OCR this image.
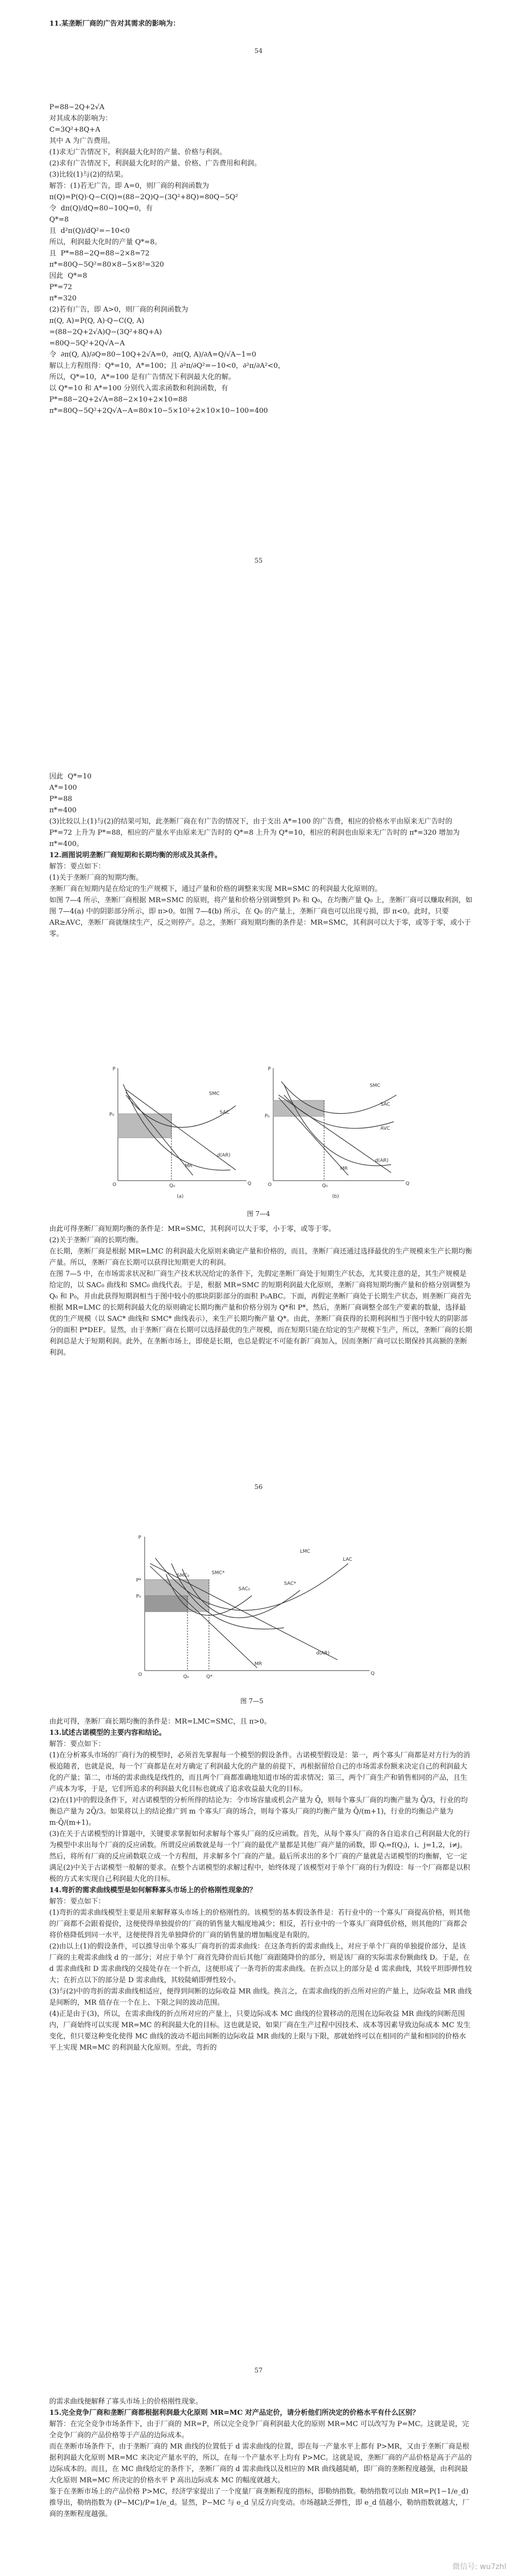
54

11.某垄断厂商的广告对其需求的影响为：

P=88−2Q+2√A

对其成本的影响为：

C=3Q²+8Q+A

其中 A 为广告费用。

(1)求无广告情况下，利润最大化时的产量、价格与利润。

(2)求有广告情况下，利润最大化时的产量、价格、广告费用和利润。

(3)比较(1)与(2)的结果。

解答：(1)若无广告，即 A=0，则厂商的利润函数为

π(Q)=P(Q)·Q−C(Q)=(88−2Q)Q−(3Q²+8Q)=80Q−5Q²

令  dπ(Q)/dQ=80−10Q=0，有

Q*=8

且  d²π(Q)/dQ²=−10<0

所以，利润最大化时的产量 Q*=8。

且  P*=88−2Q=88−2×8=72

π*=80Q−5Q²=80×8−5×8²=320

因此  Q*=8

P*=72

π*=320

(2)若有广告，即 A>0，则厂商的利润函数为

π(Q, A)=P(Q, A)·Q−C(Q, A)

=(88−2Q+2√A)Q−(3Q²+8Q+A)

=80Q−5Q²+2Q√A−A

令  ∂π(Q, A)/∂Q=80−10Q+2√A=0，∂π(Q, A)/∂A=Q/√A−1=0

解以上方程组得：Q*=10，A*=100；且 ∂²π/∂Q²=−10<0，∂²π/∂A²<0，

所以，Q*=10，A*=100 是有广告情况下利润最大化的解。

以 Q*=10 和 A*=100 分别代入需求函数和利润函数，有

P*=88−2Q+2√A=88−2×10+2×10=88

π*=80Q−5Q²+2Q√A−A=80×10−5×10²+2×10×10−100=400

55

因此  Q*=10

A*=100

P*=88

π*=400

(3)比较以上(1)与(2)的结果可知，此垄断厂商在有广告的情况下，由于支出 A*=100 的广告费，相应的价格水平由原来无广告时的 P*=72 上升为 P*=88，相应的产量水平由原来无广告时的 Q*=8 上升为 Q*=10，相应的利润也由原来无广告时的 π*=320 增加为 π*=400。

12.画图说明垄断厂商短期和长期均衡的形成及其条件。

解答：要点如下：

(1)关于垄断厂商的短期均衡。

垄断厂商在短期内是在给定的生产规模下，通过产量和价格的调整来实现 MR=SMC 的利润最大化原则的。

如图 7—4 所示，垄断厂商根据 MR=SMC 的原则，将产量和价格分别调整到 P₀ 和 Q₀，在均衡产量 Q₀ 上，垄断厂商可以赚取利润，如图 7—4(a) 中的阴影部分所示，即 π>0。如图 7—4(b) 所示，在 Q₀ 的产量上，垄断厂商也可以出现亏损，即 π<0。此时，只要 AR≥AVC，垄断厂商就继续生产，反之则停产。总之，垄断厂商短期均衡的条件是：MR=SMC，其利润可以大于零，或等于零，或小于零。

P
Q
O
SMC
SAC
d(AR)
MR
P₀
Q₀
(a)
P
Q
O
SMC
SAC
AVC
d(AR)
MR
P₀
Q₀
(b)

图 7—4

由此可得垄断厂商短期均衡的条件是：MR=SMC，其利润可以大于零，小于零，或等于零。

(2)关于垄断厂商的长期均衡。

在长期，垄断厂商是根据 MR=LMC 的利润最大化原则来确定产量和价格的，而且，垄断厂商还通过选择最优的生产规模来生产长期均衡产量。所以，垄断厂商在长期可以获得比短期更大的利润。

在图 7—5 中，在市场需求状况和厂商生产技术状况给定的条件下，先假定垄断厂商处于短期生产状态，尤其要注意的是，其生产规模是给定的，以 SAC₀ 曲线和 SMC₀ 曲线代表。于是，根据 MR=SMC 的短期利润最大化原则，垄断厂商将短期均衡产量和价格分别调整为 Q₀ 和 P₀，并由此获得短期润相当于图中较小的那块阴影部分的面积 P₀ABC。下面，再假定垄断厂商处于长期生产状态，则垄断厂商首先根据 MR=LMC 的长期利润最大化的原则确定长期均衡产量和价格分别为 Q*和 P*，然后，垄断厂商调整全部生产要素的数量，选择最优的生产规模（以 SAC* 曲线和 SMC* 曲线表示），来生产长期均衡产量 Q*。由此，垄断厂商获得的长期利润相当于图中较大的阴影部分的面积 P*DEF。显然，由于垄断厂商在长期可以选择最优的生产规模，而在短期只能在给定的生产规模下生产，所以，垄断厂商的长期利润总是大于短期利润。此外，在垄断市场上，即使是长期，也总是假定不可能有新厂商加入，因而垄断厂商可以长期保持其高额的垄断利润。

56
P
Q
O
LMC
LAC
SMC₀	SMC*
SAC₀
SAC*
d(AR)
MR
P*
P₀
Q₀	Q*

图 7—5

由此可得，垄断厂商长期均衡的条件是：MR=LMC=SMC，且 π>0。

13.试述古诺模型的主要内容和结论。

解答：要点如下：

(1)在分析寡头市场的厂商行为的模型时，必须首先掌握每一个模型的假设条件。古诺模型假设是：第一，两个寡头厂商都是对方行为的消极追随者，也就是说，每一个厂商都是在对方确定了利润最大化的产量的前提下，再根据留给自己的市场需求份额来决定自己的利润最大化的产量；第二，市场的需求曲线是线性的，而且两个厂商都准确地知道市场的需求情况；第三，两个厂商生产和销售相同的产品，且生产成本为零，于是，它们所追求的利润最大化目标也就成了追求收益最大化的目标。

(2)在(1)中的假设条件下，对古诺模型的分析所得的结论为：令市场容量或机会产量为 Q̄，则每个寡头厂商的均衡产量为 Q̄/3，行业的均衡总产量为 2Q̄/3。如果将以上的结论推广到 m 个寡头厂商的场合，则每个寡头厂商的均衡产量为 Q̄/(m+1)，行业的均衡总产量为 m·Q̄/(m+1)。

(3)在关于古诺模型的计算题中，关键要求掌握如何求解每个寡头厂商的反应函数。首先，从每个寡头厂商的各自追求自己利润最大化的行为模型中求出每个厂商的反应函数。所谓反应函数就是每一个厂商的最优产量都是其他厂商产量的函数，即 Qᵢ=f(Qⱼ)，i、j=1,2，i≠j。然后，将所有厂商的反应函数联立成一个方程组，并求解多个厂商的产量。最后所求出的多个厂商的产量就是古诺模型的均衡解，它一定满足(2)中关于古诺模型一般解的要求。在整个古诺模型的求解过程中，始终体现了该模型对于单个厂商的行为假设：每一个厂商都是以积极的方式来实现自己利润最大化的目标。

14.弯折的需求曲线模型是如何解释寡头市场上的价格刚性现象的？

解答：要点如下：

(1)弯折的需求曲线模型主要是用来解释寡头市场上的价格刚性的。该模型的基本假设条件是：若行业中的一个寡头厂商提高价格，则其他的厂商都不会跟着提价，这便使得单独提价的厂商的销售量大幅度地减少；相反，若行业中的一个寡头厂商降低价格，则其他的厂商都会将价格降低到同一水平，这便使得首先单独降价的厂商的销售量的增加幅度是有限的。

(2)由以上(1)的假设条件，可以推导出单个寡头厂商弯折的需求曲线：在这条弯折的需求曲线上，对应于单个厂商的单独提价部分，是该厂商的主观需求曲线 d 的一部分；对应于单个厂商首先降价而后其他厂商跟随降价的部分，则是该厂商的实际需求份额曲线 D。于是，在 d 需求曲线和 D 需求曲线的交接处存在一个折点，这便形成了一条弯折的需求曲线。在折点以上的部分是 d 需求曲线，其较平坦即弹性较大；在折点以下的部分是 D 需求曲线，其较陡峭即弹性较小。

(3)与(2)中的弯折的需求曲线相适应，便得到间断的边际收益 MR 曲线。换言之，在需求曲线的折点所对应的产量上，边际收益 MR 曲线是间断的，MR 值存在一个在上、下限之间的波动范围。

(4)正是由于(3)，所以，在需求曲线的折点所对应的产量上，只要边际成本 MC 曲线的位置移动的范围在边际收益 MR 曲线的间断范围内，厂商始终可以实现 MR=MC 的利润最大化的目标。这也就是说，如果厂商在生产过程中因技术、成本等因素导致边际成本 MC 发生变化，但只要这种变化使得 MC 曲线的波动不超出间断的边际收益 MR 曲线的上限与下限，那就始终可以在相同的产量和相同的价格水平上实现 MR=MC 的利润最大化原则。至此，弯折的

57

的需求曲线便解释了寡头市场上的价格刚性现象。

15.完全竞争厂商和垄断厂商都根据利润最大化原则 MR=MC 对产品定价，请分析他们所决定的价格水平有什么区别？

解答：在完全竞争市场条件下，由于厂商的 MR=P，所以完全竞争厂商利润最大化的原则 MR=MC 可以改写为 P=MC。这就是说，完全竞争厂商的产品价格等于产品的边际成本。

而在垄断市场条件下，由于垄断厂商的 MR 曲线的位置低于 d 需求曲线的位置，即在每一产量水平上都有 P>MR，又由于垄断厂商是根据利润最大化原则 MR=MC 来决定产量水平的，所以，在每一个产量水平上均有 P>MC。这就是说，垄断厂商的产品价格是高于产品的边际成本的。而且，在 MC 曲线给定的条件下，垄断厂商的 d 需求曲线以及相应的 MR 曲线越陡峭，即厂商的垄断程度越强，由利润最大化原则 MR=MC 所决定的价格水平 P 高出边际成本 MC 的幅度就越大。

鉴于在垄断市场上的产品价格 P>MC，经济学家提出了一个度量厂商垄断程度的指标，即勒纳指数。勒纳指数可以由 MR=P(1−1/e_d) 推导出，勒纳指数为 (P−MC)/P=1/e_d。显然，P−MC 与 e_d 呈反方向变动。市场越缺乏弹性，即 e_d 值越小，勒纳指数就越大，厂商的垄断程度越强。

微信号: wu7zhl
